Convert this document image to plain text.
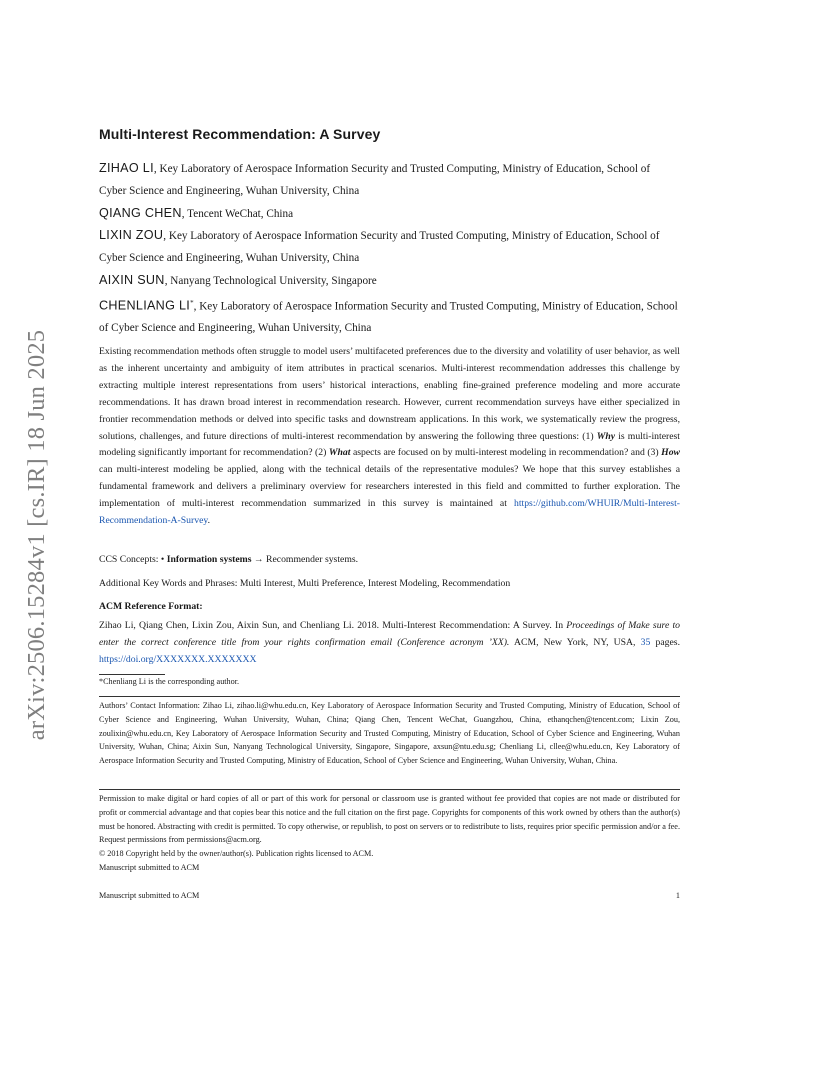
arXiv:2506.15284v1 [cs.IR] 18 Jun 2025
Multi-Interest Recommendation: A Survey
ZIHAO LI, Key Laboratory of Aerospace Information Security and Trusted Computing, Ministry of Education, School of Cyber Science and Engineering, Wuhan University, China
QIANG CHEN, Tencent WeChat, China
LIXIN ZOU, Key Laboratory of Aerospace Information Security and Trusted Computing, Ministry of Education, School of Cyber Science and Engineering, Wuhan University, China
AIXIN SUN, Nanyang Technological University, Singapore
CHENLIANG LI*, Key Laboratory of Aerospace Information Security and Trusted Computing, Ministry of Education, School of Cyber Science and Engineering, Wuhan University, China

Existing recommendation methods often struggle to model users’ multifaceted preferences due to the diversity and volatility of user behavior, as well as the inherent uncertainty and ambiguity of item attributes in practical scenarios. Multi-interest recommendation addresses this challenge by extracting multiple interest representations from users’ historical interactions, enabling fine-grained preference modeling and more accurate recommendations. It has drawn broad interest in recommendation research. However, current recommendation surveys have either specialized in frontier recommendation methods or delved into specific tasks and downstream applications. In this work, we systematically review the progress, solutions, challenges, and future directions of multi-interest recommendation by answering the following three questions: (1) Why is multi-interest modeling significantly important for recommendation? (2) What aspects are focused on by multi-interest modeling in recommendation? and (3) How can multi-interest modeling be applied, along with the technical details of the representative modules? We hope that this survey establishes a fundamental framework and delivers a preliminary overview for researchers interested in this field and committed to further exploration. The implementation of multi-interest recommendation summarized in this survey is maintained at https://github.com/WHUIR/Multi-Interest-Recommendation-A-Survey.

CCS Concepts: • Information systems → Recommender systems.

Additional Key Words and Phrases: Multi Interest, Multi Preference, Interest Modeling, Recommendation

ACM Reference Format:

Zihao Li, Qiang Chen, Lixin Zou, Aixin Sun, and Chenliang Li. 2018. Multi-Interest Recommendation: A Survey. In Proceedings of Make sure to enter the correct conference title from your rights confirmation email (Conference acronym ’XX). ACM, New York, NY, USA, 35 pages. https://doi.org/XXXXXXX.XXXXXXX

*Chenliang Li is the corresponding author.

Authors’ Contact Information: Zihao Li, zihao.li@whu.edu.cn, Key Laboratory of Aerospace Information Security and Trusted Computing, Ministry of Education, School of Cyber Science and Engineering, Wuhan University, Wuhan, China; Qiang Chen, Tencent WeChat, Guangzhou, China, ethanqchen@tencent.com; Lixin Zou, zoulixin@whu.edu.cn, Key Laboratory of Aerospace Information Security and Trusted Computing, Ministry of Education, School of Cyber Science and Engineering, Wuhan University, Wuhan, China; Aixin Sun, Nanyang Technological University, Singapore, Singapore, axsun@ntu.edu.sg; Chenliang Li, cllee@whu.edu.cn, Key Laboratory of Aerospace Information Security and Trusted Computing, Ministry of Education, School of Cyber Science and Engineering, Wuhan University, Wuhan, China.

Permission to make digital or hard copies of all or part of this work for personal or classroom use is granted without fee provided that copies are not made or distributed for profit or commercial advantage and that copies bear this notice and the full citation on the first page. Copyrights for components of this work owned by others than the author(s) must be honored. Abstracting with credit is permitted. To copy otherwise, or republish, to post on servers or to redistribute to lists, requires prior specific permission and/or a fee. Request permissions from permissions@acm.org.
© 2018 Copyright held by the owner/author(s). Publication rights licensed to ACM.
Manuscript submitted to ACM

Manuscript submitted to ACM	1
